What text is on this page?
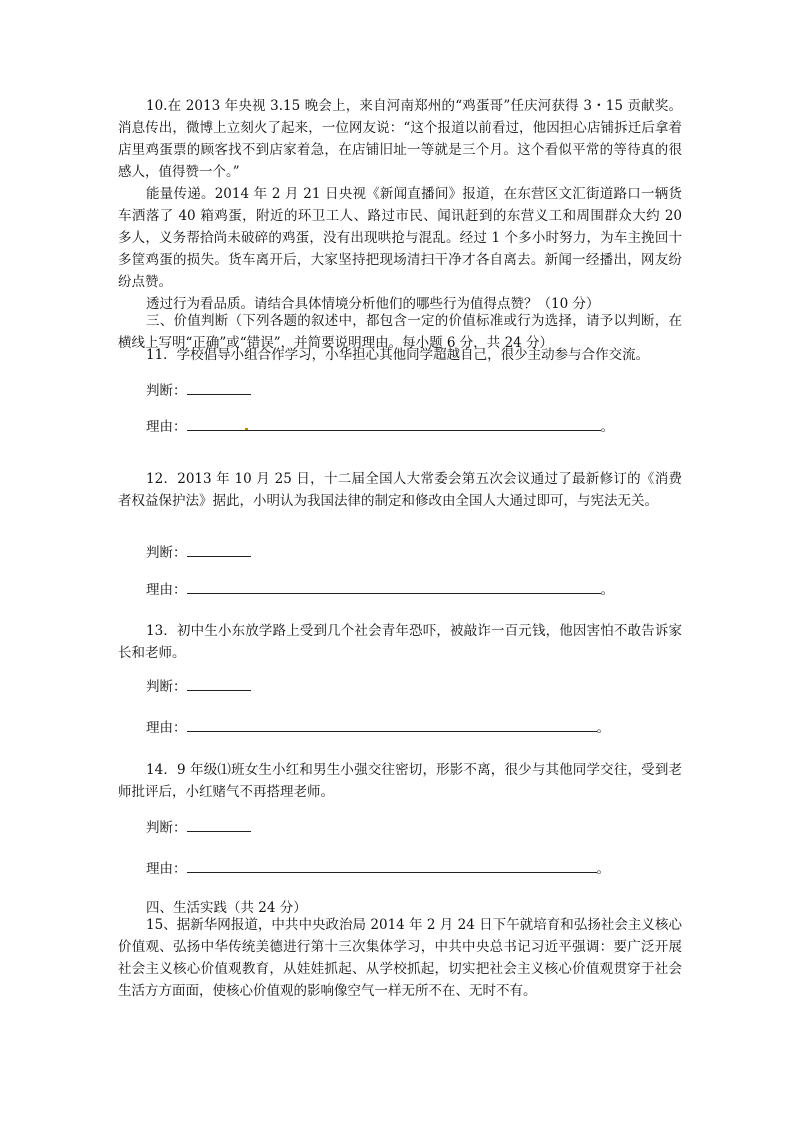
10.在 2013 年央视 3.15 晚会上，来自河南郑州的“鸡蛋哥”任庆河获得 3・15 贡献奖。消息传出，微博上立刻火了起来，一位网友说：“这个报道以前看过，他因担心店铺拆迁后拿着店里鸡蛋票的顾客找不到店家着急，在店铺旧址一等就是三个月。这个看似平常的等待真的很感人，值得赞一个。”

能量传递。2014 年 2 月 21 日央视《新闻直播间》报道，在东营区文汇街道路口一辆货车洒落了 40 箱鸡蛋，附近的环卫工人、路过市民、闻讯赶到的东营义工和周围群众大约 20 多人，义务帮拾尚未破碎的鸡蛋，没有出现哄抢与混乱。经过 1 个多小时努力，为车主挽回十多筐鸡蛋的损失。货车离开后，大家坚持把现场清扫干净才各自离去。新闻一经播出，网友纷纷点赞。

透过行为看品质。请结合具体情境分析他们的哪些行为值得点赞？（10 分）

三、价值判断（下列各题的叙述中，都包含一定的价值标准或行为选择，请予以判断，在横线上写明“正确”或“错误”，并简要说明理由。每小题 6 分，共 24 分）

11．学校倡导小组合作学习，小华担心其他同学超越自己，很少主动参与合作交流。

判断：
理由：	。

12．2013 年 10 月 25 日，十二届全国人大常委会第五次会议通过了最新修订的《消费者权益保护法》据此，小明认为我国法律的制定和修改由全国人大通过即可，与宪法无关。

判断：
理由：	。

13．初中生小东放学路上受到几个社会青年恐吓，被敲诈一百元钱，他因害怕不敢告诉家长和老师。

判断：
理由：	。

14．9 年级⑴班女生小红和男生小强交往密切，形影不离，很少与其他同学交往，受到老师批评后，小红赌气不再搭理老师。

判断：
理由：	。

四、生活实践（共 24 分）

15、据新华网报道，中共中央政治局 2014 年 2 月 24 日下午就培育和弘扬社会主义核心价值观、弘扬中华传统美德进行第十三次集体学习，中共中央总书记习近平强调：要广泛开展社会主义核心价值观教育，从娃娃抓起、从学校抓起，切实把社会主义核心价值观贯穿于社会生活方方面面，使核心价值观的影响像空气一样无所不在、无时不有。
